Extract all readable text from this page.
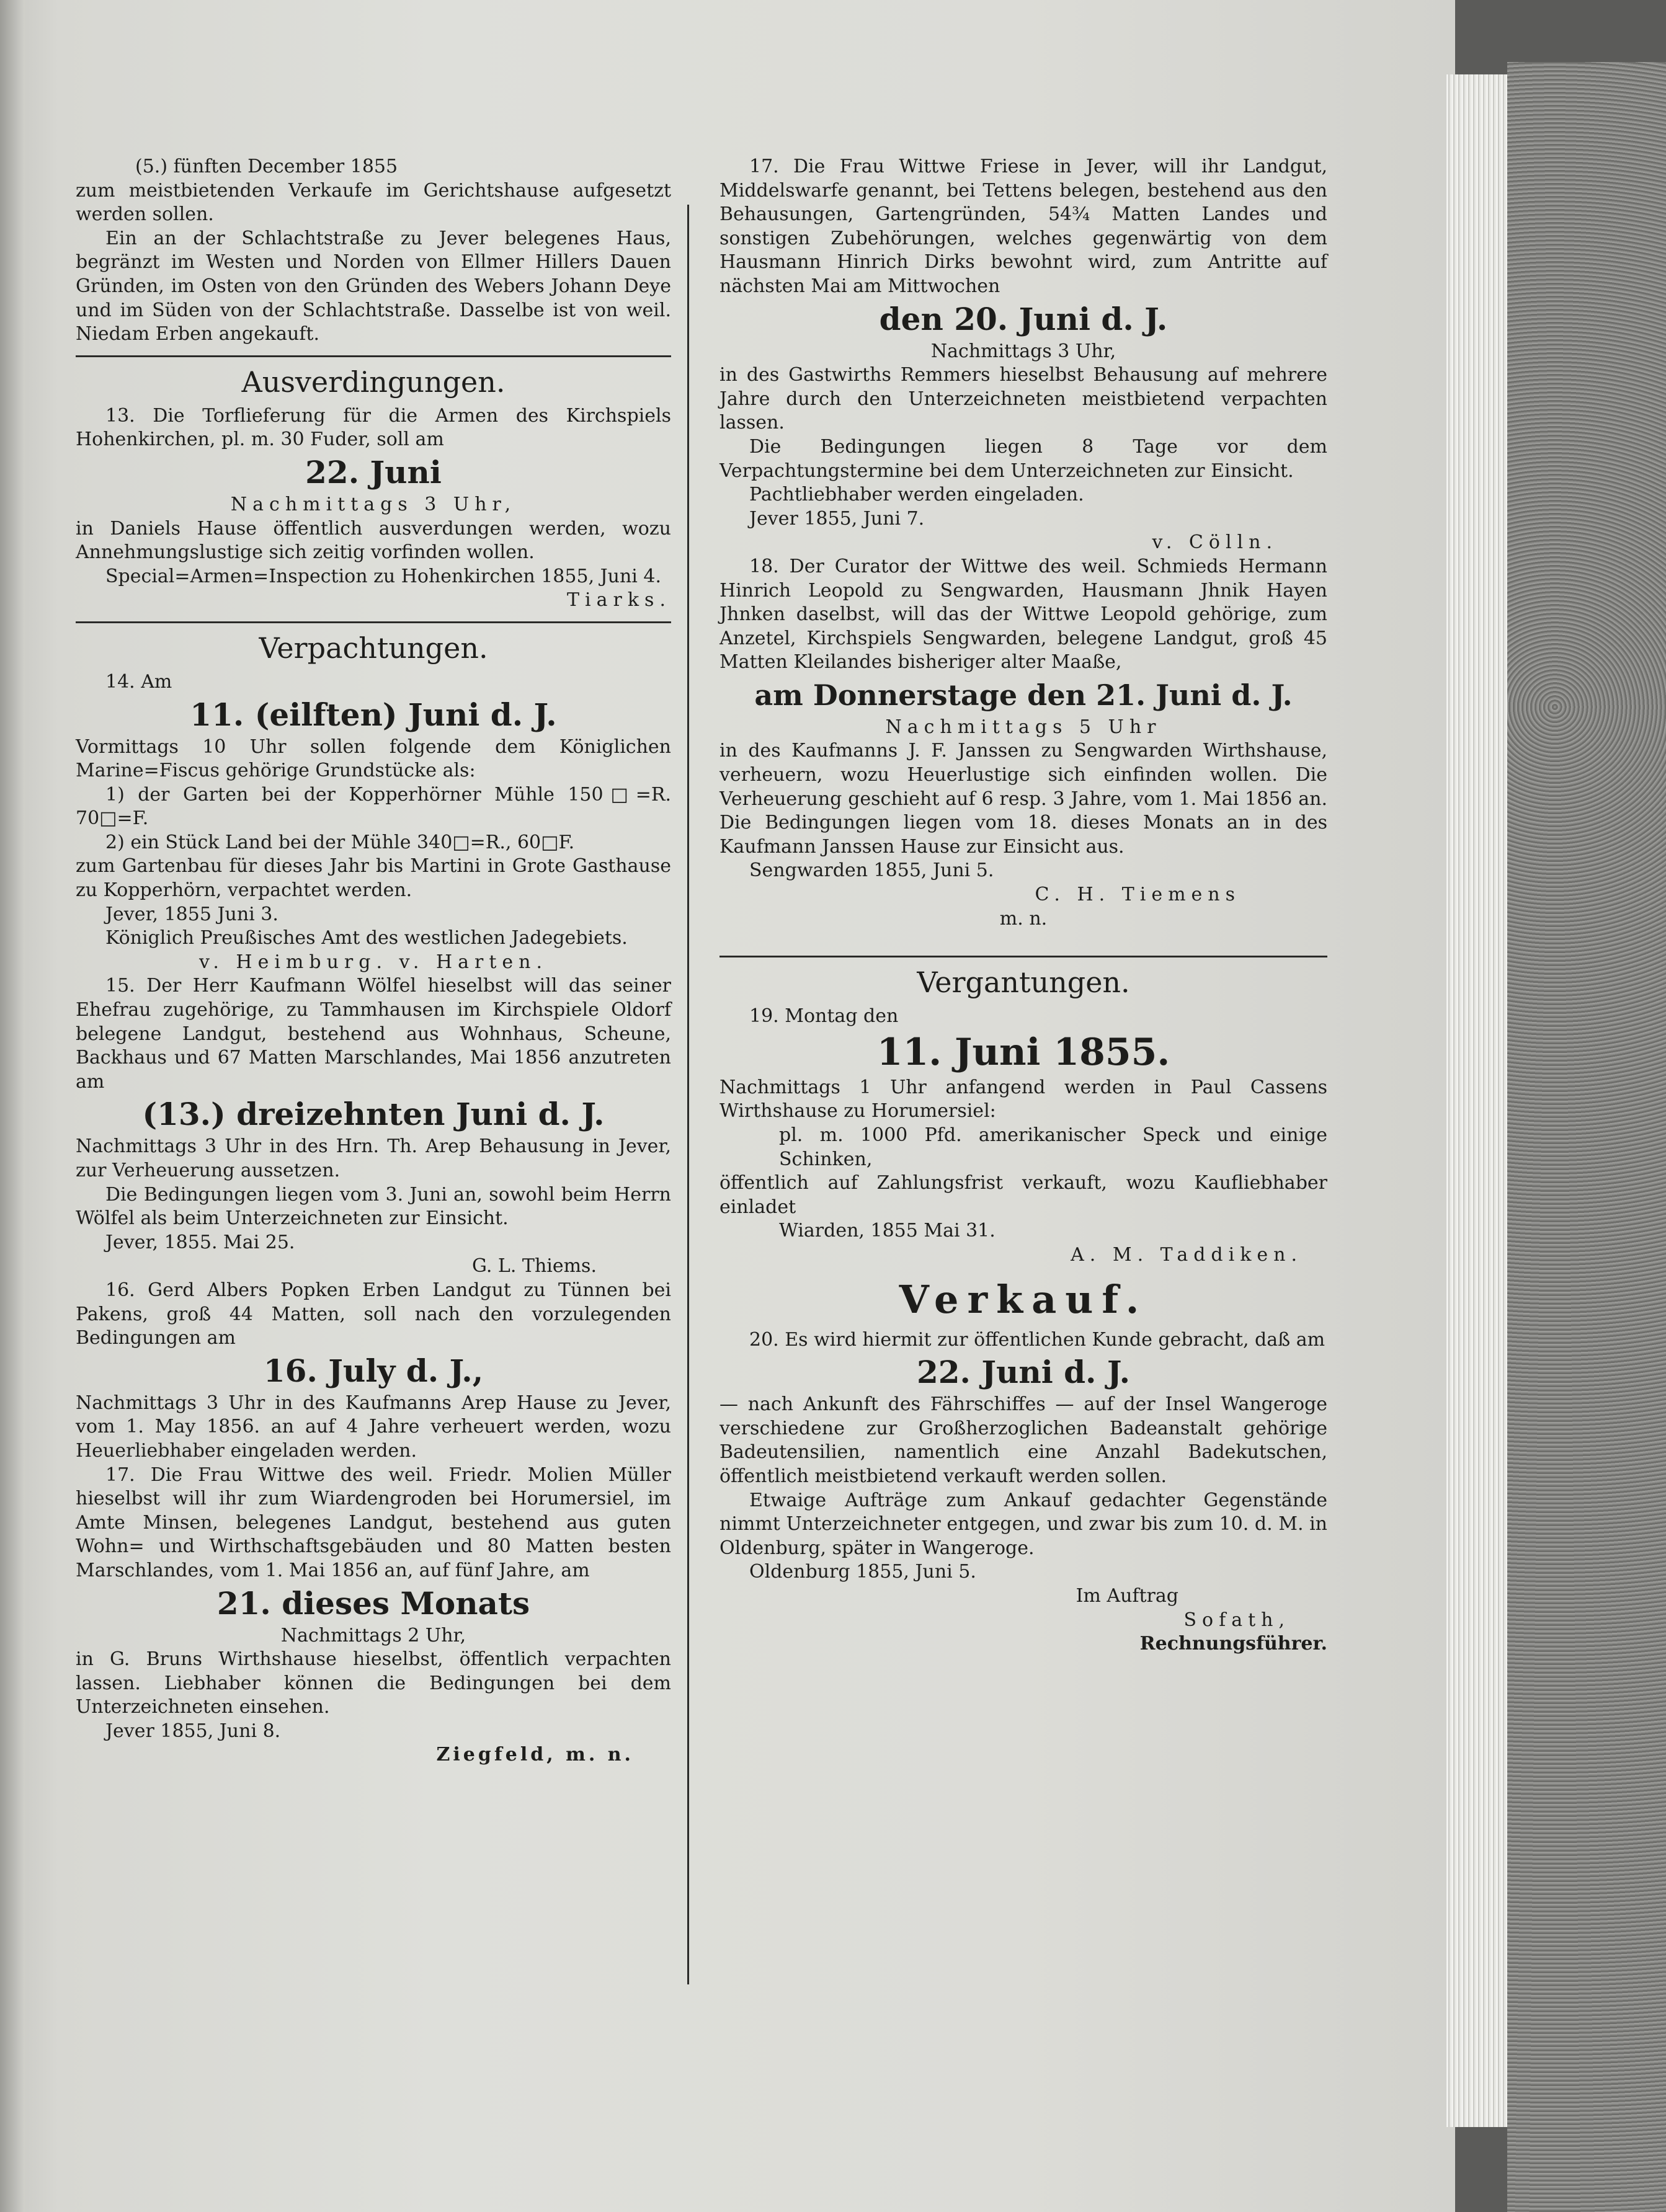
(5.) fünften December 1855

zum meistbietenden Verkaufe im Gerichtshause aufgesetzt werden sollen.

Ein an der Schlachtstraße zu Jever belegenes Haus, begränzt im Westen und Norden von Ellmer Hillers Dauen Gründen, im Osten von den Gründen des Webers Johann Deye und im Süden von der Schlachtstraße. Dasselbe ist von weil. Niedam Erben angekauft.

Ausverdingungen.

13. Die Torflieferung für die Armen des Kirchspiels Hohenkirchen, pl. m. 30 Fuder, soll am

22. Juni

Nachmittags 3 Uhr,

in Daniels Hause öffentlich ausverdungen werden, wozu Annehmungslustige sich zeitig vorfinden wollen.

Special=Armen=Inspection zu Hohenkirchen 1855, Juni 4.

Tiarks.

Verpachtungen.

14. Am

11. (eilften) Juni d. J.

Vormittags 10 Uhr sollen folgende dem Königlichen Marine=Fiscus gehörige Grundstücke als:

1) der Garten bei der Kopperhörner Mühle 150□=R. 70□=F.

2) ein Stück Land bei der Mühle 340□=R., 60□F.

zum Gartenbau für dieses Jahr bis Martini in Grote Gasthause zu Kopperhörn, verpachtet werden.

Jever, 1855 Juni 3.

Königlich Preußisches Amt des westlichen Jadegebiets.

v. Heimburg. v. Harten.

15. Der Herr Kaufmann Wölfel hieselbst will das seiner Ehefrau zugehörige, zu Tammhausen im Kirchspiele Oldorf belegene Landgut, bestehend aus Wohnhaus, Scheune, Backhaus und 67 Matten Marschlandes, Mai 1856 anzutreten am

(13.) dreizehnten Juni d. J.

Nachmittags 3 Uhr in des Hrn. Th. Arep Behausung in Jever, zur Verheuerung aussetzen.

Die Bedingungen liegen vom 3. Juni an, sowohl beim Herrn Wölfel als beim Unterzeichneten zur Einsicht.

Jever, 1855. Mai 25.

G. L. Thiems.

16. Gerd Albers Popken Erben Landgut zu Tünnen bei Pakens, groß 44 Matten, soll nach den vorzulegenden Bedingungen am

16. July d. J.,

Nachmittags 3 Uhr in des Kaufmanns Arep Hause zu Jever, vom 1. May 1856. an auf 4 Jahre verheuert werden, wozu Heuerliebhaber eingeladen werden.

17. Die Frau Wittwe des weil. Friedr. Molien Müller hieselbst will ihr zum Wiardengroden bei Horumersiel, im Amte Minsen, belegenes Landgut, bestehend aus guten Wohn= und Wirthschaftsgebäuden und 80 Matten besten Marschlandes, vom 1. Mai 1856 an, auf fünf Jahre, am

21. dieses Monats

Nachmittags 2 Uhr,

in G. Bruns Wirthshause hieselbst, öffentlich verpachten lassen. Liebhaber können die Bedingungen bei dem Unterzeichneten einsehen.

Jever 1855, Juni 8.

Ziegfeld, m. n.

17. Die Frau Wittwe Friese in Jever, will ihr Landgut, Middelswarfe genannt, bei Tettens belegen, bestehend aus den Behausungen, Gartengründen, 54¾ Matten Landes und sonstigen Zubehörungen, welches gegenwärtig von dem Hausmann Hinrich Dirks bewohnt wird, zum Antritte auf nächsten Mai am Mittwochen

den 20. Juni d. J.

Nachmittags 3 Uhr,

in des Gastwirths Remmers hieselbst Behausung auf mehrere Jahre durch den Unterzeichneten meistbietend verpachten lassen.

Die Bedingungen liegen 8 Tage vor dem Verpachtungstermine bei dem Unterzeichneten zur Einsicht.

Pachtliebhaber werden eingeladen.

Jever 1855, Juni 7.

v. Cölln.

18. Der Curator der Wittwe des weil. Schmieds Hermann Hinrich Leopold zu Sengwarden, Hausmann Jhnik Hayen Jhnken daselbst, will das der Wittwe Leopold gehörige, zum Anzetel, Kirchspiels Sengwarden, belegene Landgut, groß 45 Matten Kleilandes bisheriger alter Maaße,

am Donnerstage den 21. Juni d. J.

Nachmittags 5 Uhr

in des Kaufmanns J. F. Janssen zu Sengwarden Wirthshause, verheuern, wozu Heuerlustige sich einfinden wollen. Die Verheuerung geschieht auf 6 resp. 3 Jahre, vom 1. Mai 1856 an. Die Bedingungen liegen vom 18. dieses Monats an in des Kaufmann Janssen Hause zur Einsicht aus.

Sengwarden 1855, Juni 5.

C. H. Tiemens

m. n.

Vergantungen.

19. Montag den

11. Juni 1855.

Nachmittags 1 Uhr anfangend werden in Paul Cassens Wirthshause zu Horumersiel:

pl. m. 1000 Pfd. amerikanischer Speck und einige Schinken,

öffentlich auf Zahlungsfrist verkauft, wozu Kaufliebhaber einladet

Wiarden, 1855 Mai 31.

A. M. Taddiken.

Verkauf.

20. Es wird hiermit zur öffentlichen Kunde gebracht, daß am

22. Juni d. J.

— nach Ankunft des Fährschiffes — auf der Insel Wangeroge verschiedene zur Großherzoglichen Badeanstalt gehörige Badeutensilien, namentlich eine Anzahl Badekutschen, öffentlich meistbietend verkauft werden sollen.

Etwaige Aufträge zum Ankauf gedachter Gegenstände nimmt Unterzeichneter entgegen, und zwar bis zum 10. d. M. in Oldenburg, später in Wangeroge.

Oldenburg 1855, Juni 5.

Im Auftrag

Sofath,

Rechnungsführer.
